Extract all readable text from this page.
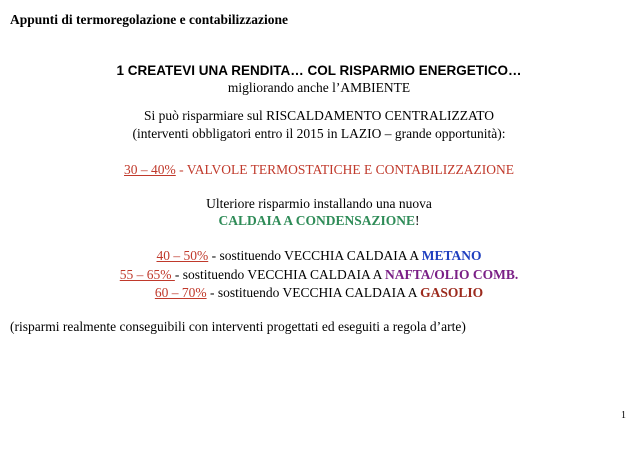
Appunti di termoregolazione e contabilizzazione
1 CREATEVI UNA RENDITA… COL RISPARMIO ENERGETICO…
migliorando anche l’AMBIENTE
Si può risparmiare sul RISCALDAMENTO CENTRALIZZATO
(interventi obbligatori entro il 2015 in LAZIO – grande opportunità):
30 – 40% - VALVOLE TERMOSTATICHE E CONTABILIZZAZIONE
Ulteriore risparmio installando una nuova
CALDAIA A CONDENSAZIONE!
40 – 50% - sostituendo VECCHIA CALDAIA A METANO
55 – 65% - sostituendo VECCHIA CALDAIA A NAFTA/OLIO COMB.
60 – 70% - sostituendo VECCHIA CALDAIA A GASOLIO
(risparmi realmente conseguibili con interventi progettati ed eseguiti a regola d’arte)
1
